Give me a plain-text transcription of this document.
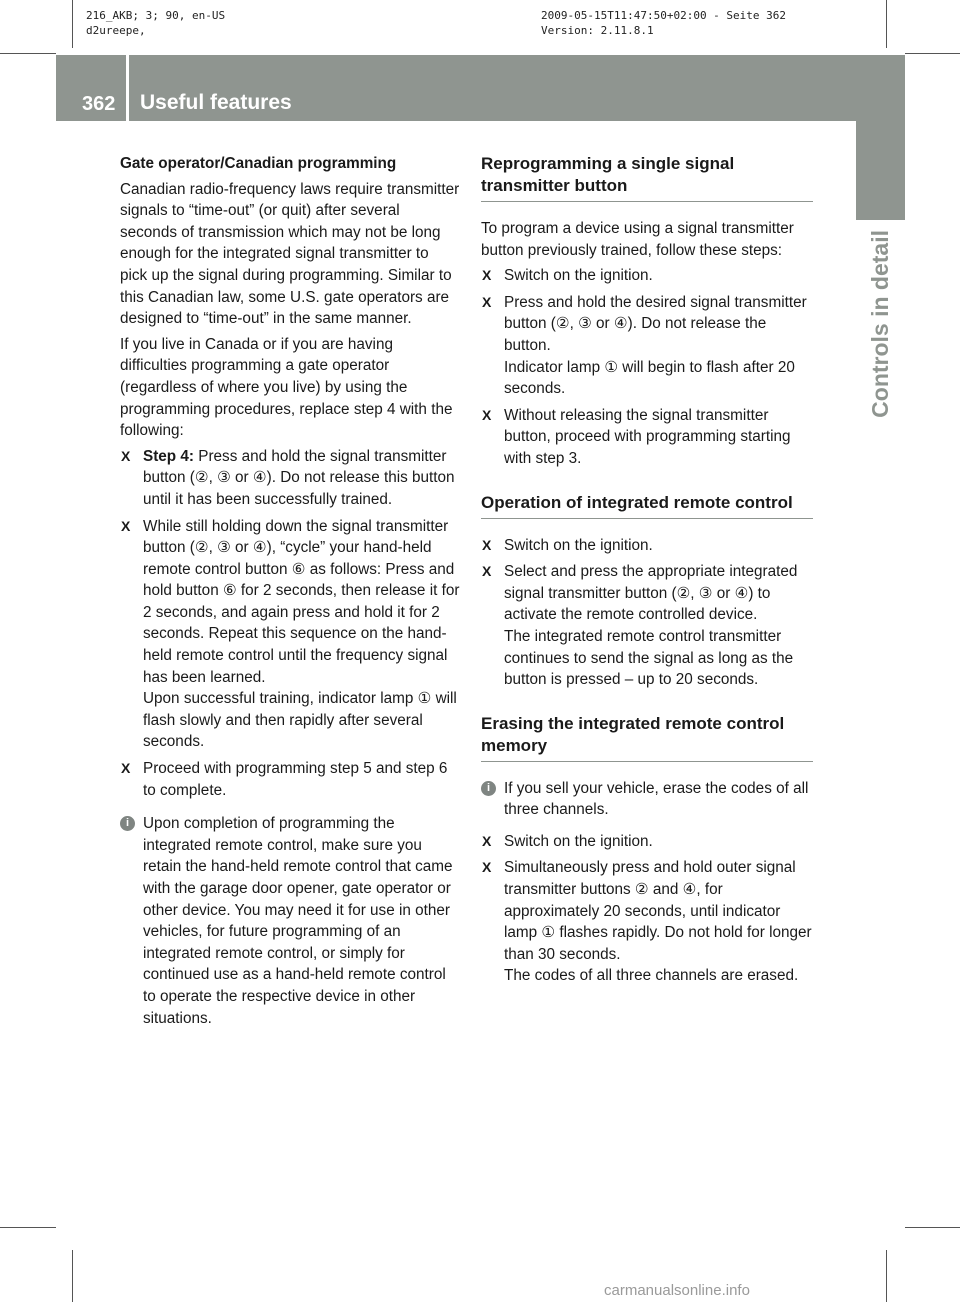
216_AKB; 3; 90, en-US
d2ureepe,
2009-05-15T11:47:50+02:00 - Seite 362
Version: 2.11.8.1
362 Useful features
Controls in detail

Gate operator/Canadian programming

Canadian radio-frequency laws require transmitter signals to “time-out” (or quit) after several seconds of transmission which may not be long enough for the integrated signal transmitter to pick up the signal during programming. Similar to this Canadian law, some U.S. gate operators are designed to “time-out” in the same manner.

If you live in Canada or if you are having difficulties programming a gate operator (regardless of where you live) by using the programming procedures, replace step 4 with the following:

X Step 4: Press and hold the signal transmitter button (②, ③ or ④). Do not release this button until it has been successfully trained.
X While still holding down the signal transmitter button (②, ③ or ④), “cycle” your hand-held remote control button ⑥ as follows: Press and hold button ⑥ for 2 seconds, then release it for 2 seconds, and again press and hold it for 2 seconds. Repeat this sequence on the hand-held remote control until the frequency signal has been learned.
Upon successful training, indicator lamp ① will flash slowly and then rapidly after several seconds.
X Proceed with programming step 5 and step 6 to complete.
i Upon completion of programming the integrated remote control, make sure you retain the hand-held remote control that came with the garage door opener, gate operator or other device. You may need it for use in other vehicles, for future programming of an integrated remote control, or simply for continued use as a hand-held remote control to operate the respective device in other situations.
Reprogramming a single signal transmitter button

To program a device using a signal transmitter button previously trained, follow these steps:

X Switch on the ignition.
X Press and hold the desired signal transmitter button (②, ③ or ④). Do not release the button.
Indicator lamp ① will begin to flash after 20 seconds.
X Without releasing the signal transmitter button, proceed with programming starting with step 3.
Operation of integrated remote control
X Switch on the ignition.
X Select and press the appropriate integrated signal transmitter button (②, ③ or ④) to activate the remote controlled device.
The integrated remote control transmitter continues to send the signal as long as the button is pressed – up to 20 seconds.
Erasing the integrated remote control memory
i If you sell your vehicle, erase the codes of all three channels.
X Switch on the ignition.
X Simultaneously press and hold outer signal transmitter buttons ② and ④, for approximately 20 seconds, until indicator lamp ① flashes rapidly. Do not hold for longer than 30 seconds.
The codes of all three channels are erased.
carmanualsonline.info
